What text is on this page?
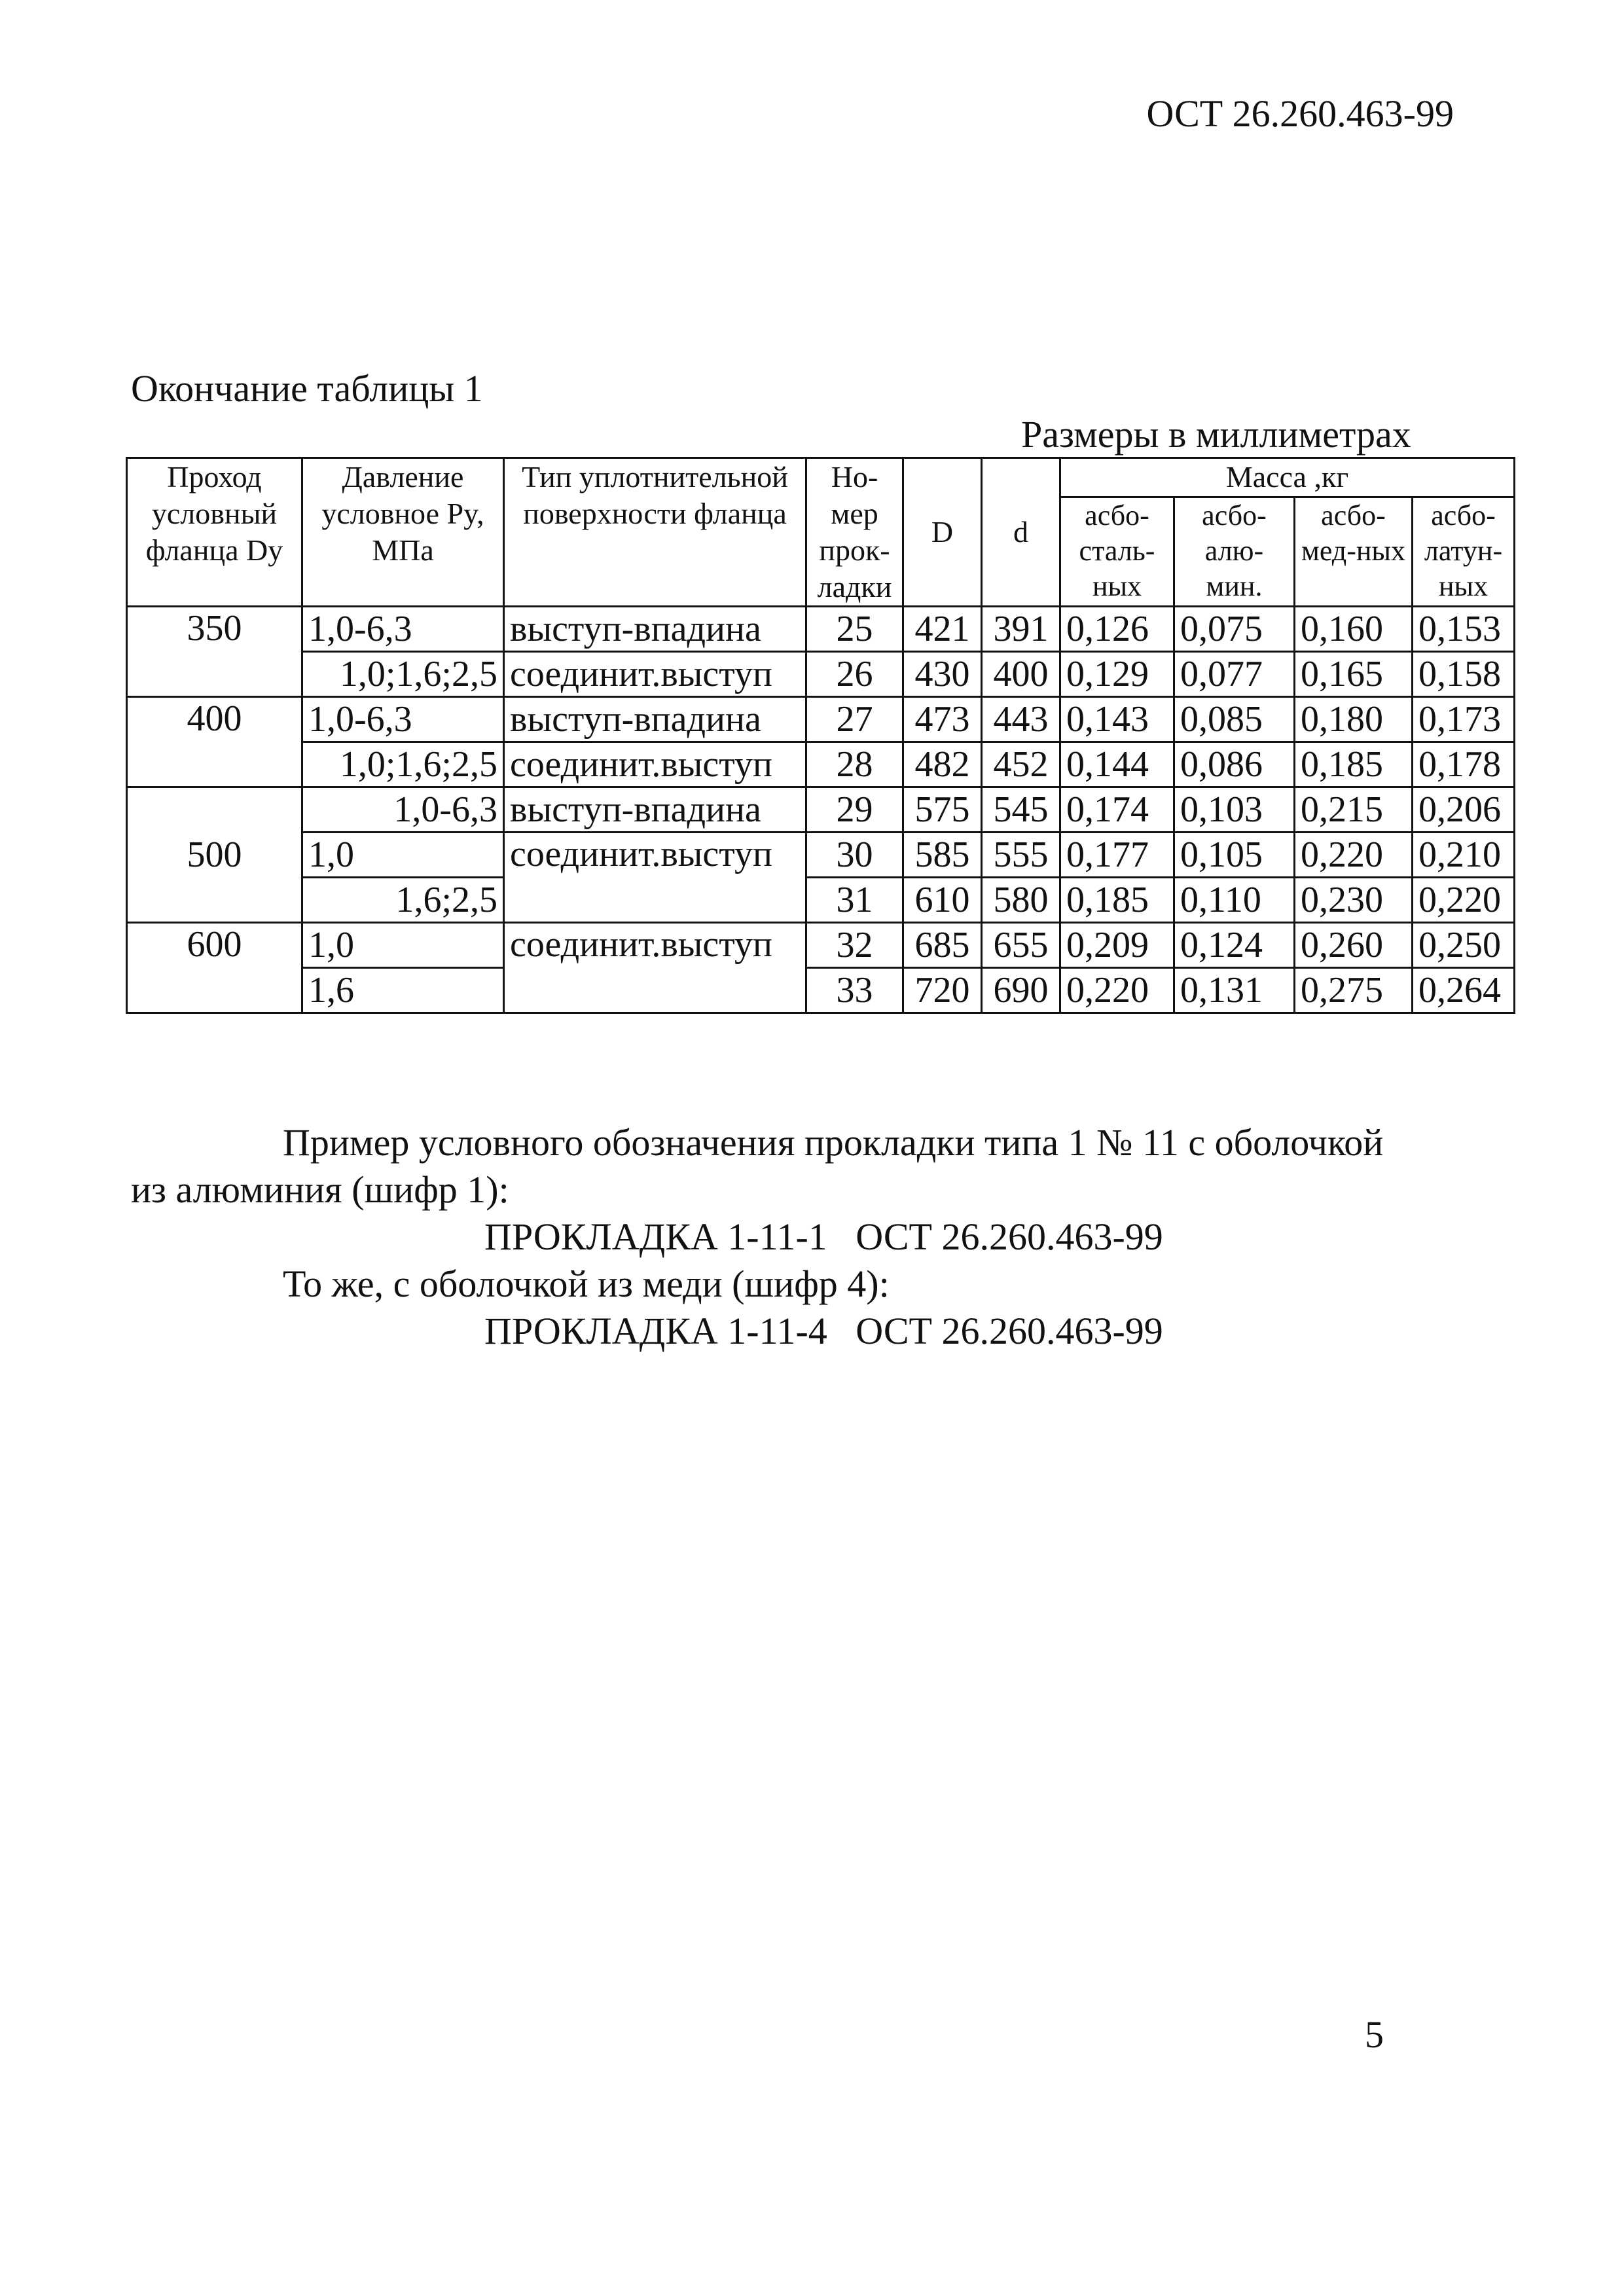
ОСТ 26.260.463-99
Окончание таблицы 1
Размеры в миллиметрах
Проход условный фланца Dy	Давление условное Py, МПа	Тип уплотнительной поверхности фланца	Но-мер прок-ладки	D	d	Масса ,кг			
						асбо-сталь-ных	асбо-алю-мин.	асбо-мед-ных	асбо-латун-ных
350	1,0-6,3	выступ-впадина	25	421	391	0,126	0,075	0,160	0,153
	1,0;1,6;2,5	соединит.выступ	26	430	400	0,129	0,077	0,165	0,158
400	1,0-6,3	выступ-впадина	27	473	443	0,143	0,085	0,180	0,173
	1,0;1,6;2,5	соединит.выступ	28	482	452	0,144	0,086	0,185	0,178
500	1,0-6,3	выступ-впадина	29	575	545	0,174	0,103	0,215	0,206
	1,0	соединит.выступ	30	585	555	0,177	0,105	0,220	0,210
	1,6;2,5		31	610	580	0,185	0,110	0,230	0,220
600	1,0	соединит.выступ	32	685	655	0,209	0,124	0,260	0,250
	1,6		33	720	690	0,220	0,131	0,275	0,264

Пример условного обозначения прокладки типа 1 № 11 с оболочкой

из алюминия (шифр 1):

ПРОКЛАДКА 1-11-1   ОСТ 26.260.463-99

То же, с оболочкой из меди (шифр 4):

ПРОКЛАДКА 1-11-4   ОСТ 26.260.463-99

5
